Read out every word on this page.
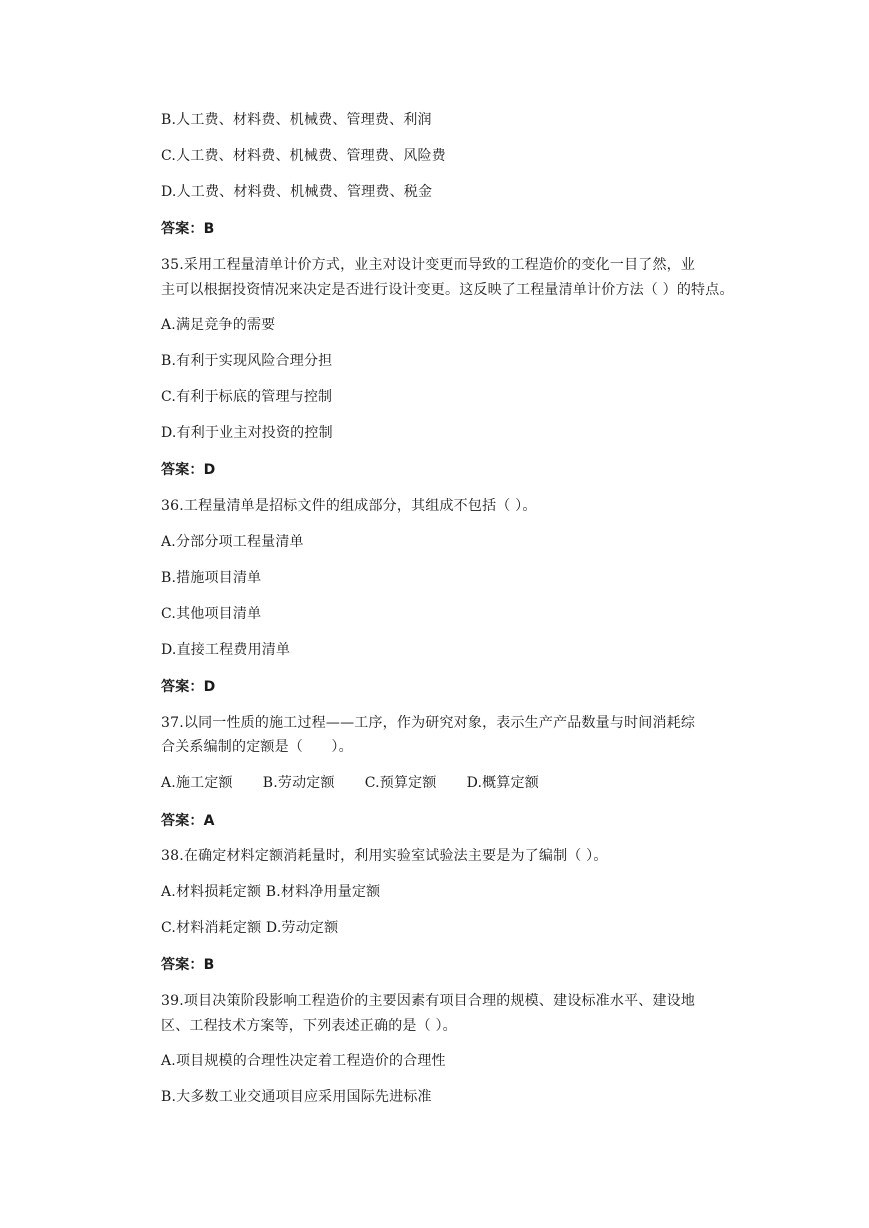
B.人工费、材料费、机械费、管理费、利润
C.人工费、材料费、机械费、管理费、风险费
D.人工费、材料费、机械费、管理费、税金
答案：B
35.采用工程量清单计价方式，业主对设计变更而导致的工程造价的变化一目了然，业
主可以根据投资情况来决定是否进行设计变更。这反映了工程量清单计价方法（ ）的特点。
A.满足竞争的需要
B.有利于实现风险合理分担
C.有利于标底的管理与控制
D.有利于业主对投资的控制
答案：D
36.工程量清单是招标文件的组成部分，其组成不包括（ ）。
A.分部分项工程量清单
B.措施项目清单
C.其他项目清单
D.直接工程费用清单
答案：D
37.以同一性质的施工过程——工序，作为研究对象，表示生产产品数量与时间消耗综
合关系编制的定额是（　　）。
A.施工定额 B.劳动定额 C.预算定额 D.概算定额
答案：A
38.在确定材料定额消耗量时，利用实验室试验法主要是为了编制（ ）。
A.材料损耗定额 B.材料净用量定额
C.材料消耗定额 D.劳动定额
答案：B
39.项目决策阶段影响工程造价的主要因素有项目合理的规模、建设标准水平、建设地
区、工程技术方案等，下列表述正确的是（ ）。
A.项目规模的合理性决定着工程造价的合理性
B.大多数工业交通项目应采用国际先进标准
